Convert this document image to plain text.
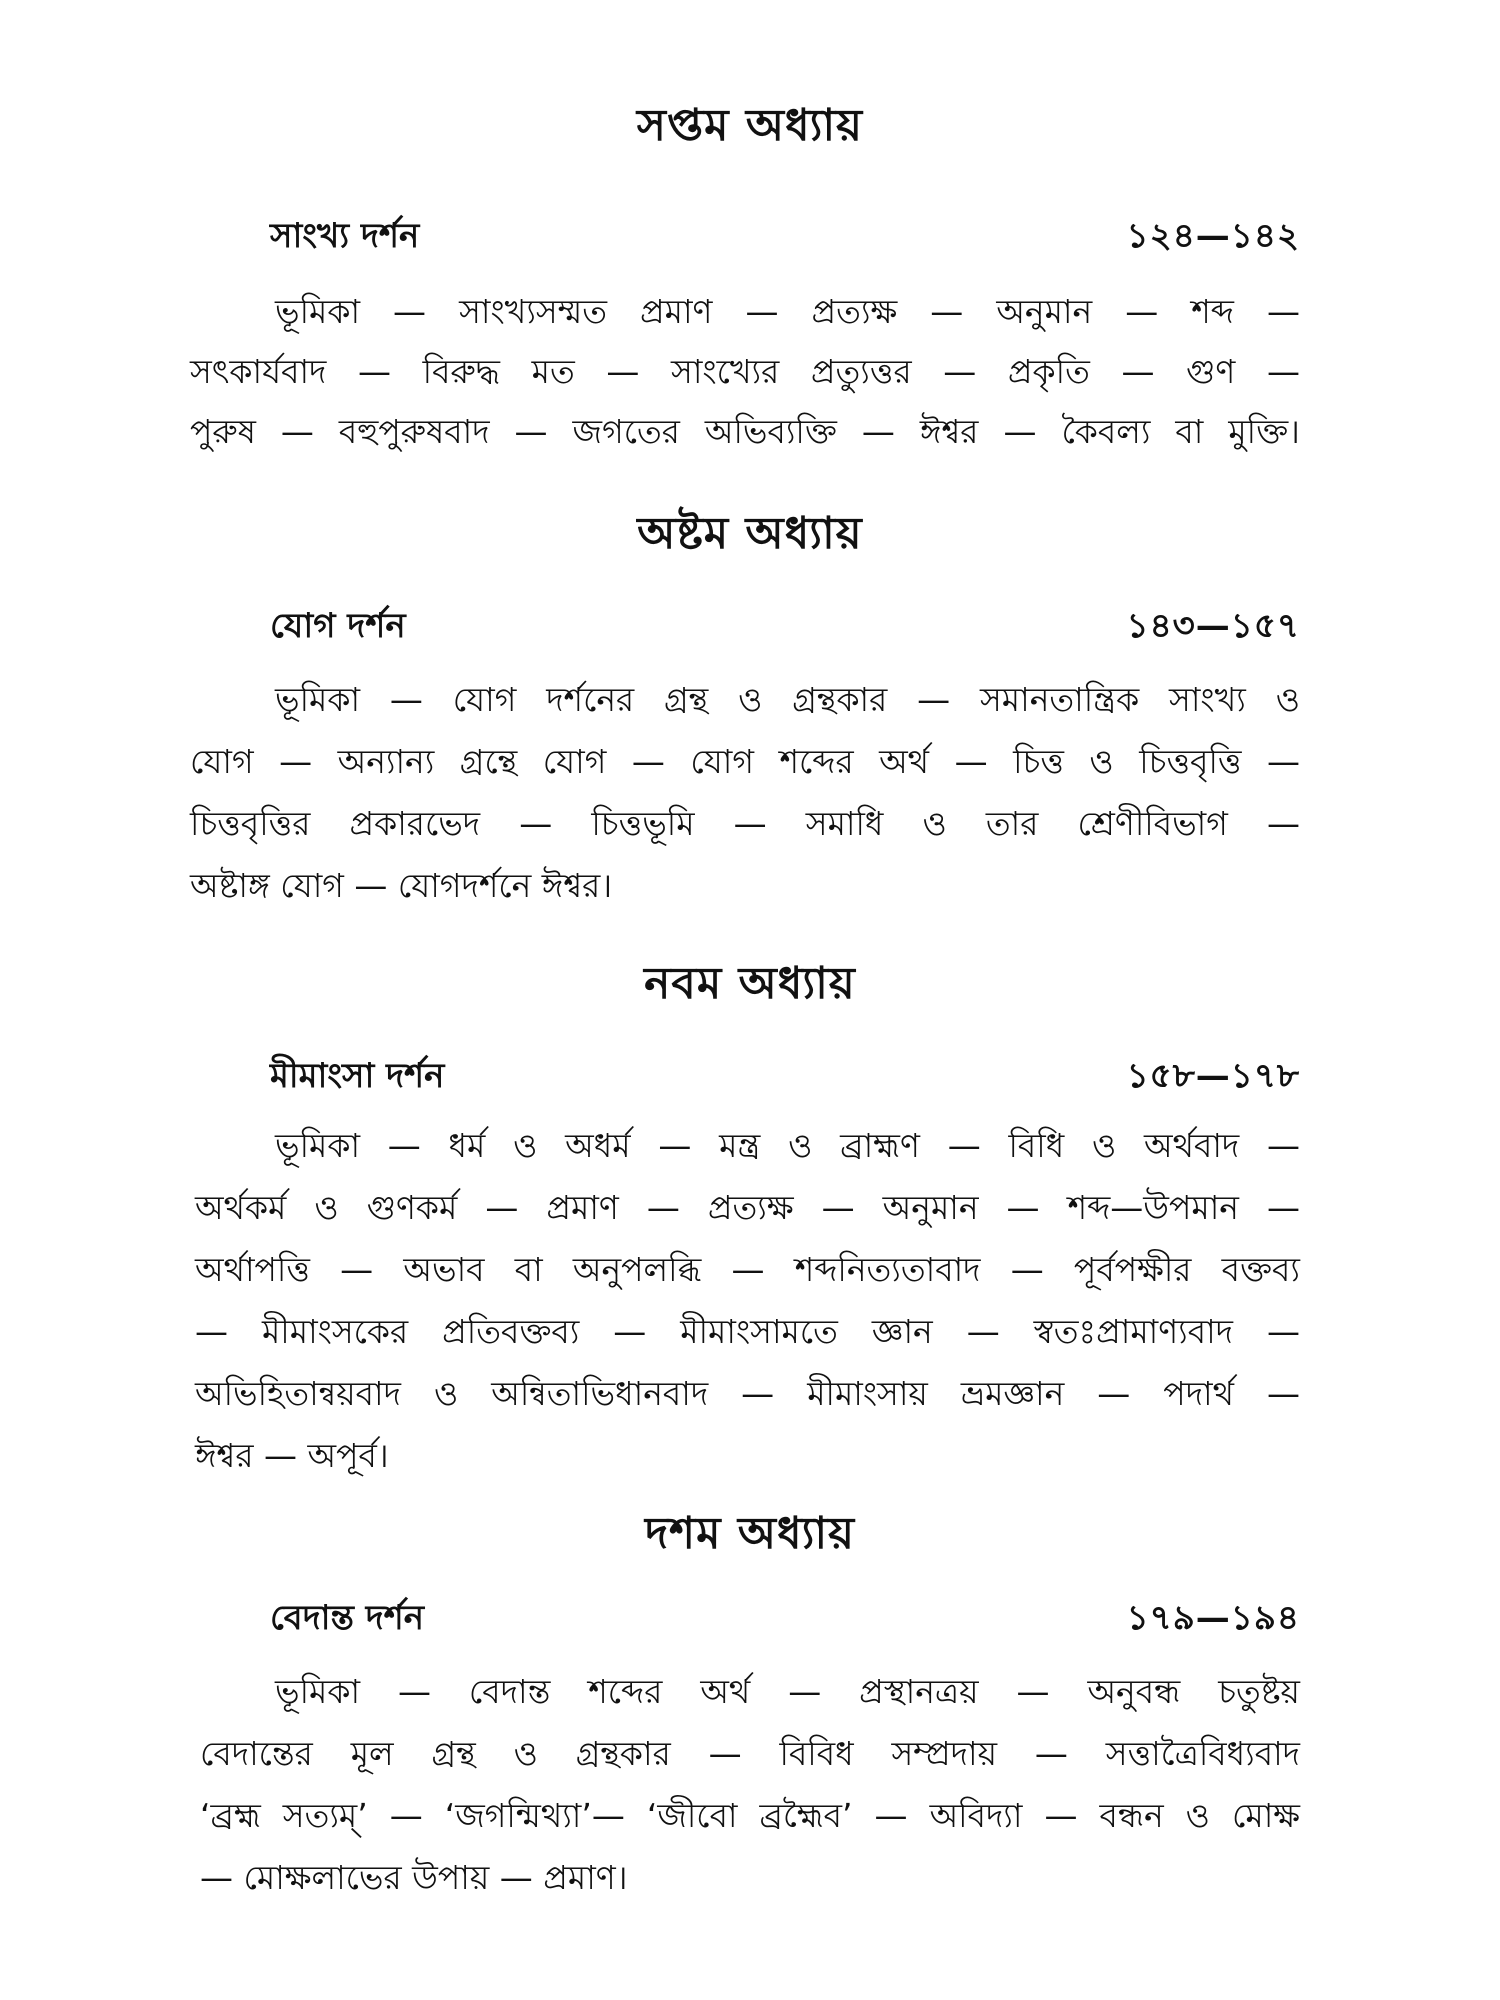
সপ্তম অধ্যায়
সাংখ্য দর্শন	১২৪—১৪২
ভূমিকা — সাংখ্যসম্মত প্রমাণ — প্রত্যক্ষ — অনুমান — শব্দ —
সৎকার্যবাদ — বিরুদ্ধ মত — সাংখ্যের প্রত্যুত্তর — প্রকৃতি — গুণ —
পুরুষ — বহুপুরুষবাদ — জগতের অভিব্যক্তি — ঈশ্বর — কৈবল্য বা মুক্তি।
অষ্টম অধ্যায়
যোগ দর্শন	১৪৩—১৫৭
ভূমিকা — যোগ দর্শনের গ্রন্থ ও গ্রন্থকার — সমানতান্ত্রিক সাংখ্য ও
যোগ — অন্যান্য গ্রন্থে যোগ — যোগ শব্দের অর্থ — চিত্ত ও চিত্তবৃত্তি —
চিত্তবৃত্তির প্রকারভেদ — চিত্তভূমি — সমাধি ও তার শ্রেণীবিভাগ —
অষ্টাঙ্গ যোগ — যোগদর্শনে ঈশ্বর।
নবম অধ্যায়
মীমাংসা দর্শন	১৫৮—১৭৮
ভূমিকা — ধর্ম ও অধর্ম — মন্ত্র ও ব্রাহ্মণ — বিধি ও অর্থবাদ —
অর্থকর্ম ও গুণকর্ম — প্রমাণ — প্রত্যক্ষ — অনুমান — শব্দ—উপমান —
অর্থাপত্তি — অভাব বা অনুপলব্ধি — শব্দনিত্যতাবাদ — পূর্বপক্ষীর বক্তব্য
— মীমাংসকের প্রতিবক্তব্য — মীমাংসামতে জ্ঞান — স্বতঃপ্রামাণ্যবাদ —
অভিহিতান্বয়বাদ ও অন্বিতাভিধানবাদ — মীমাংসায় ভ্রমজ্ঞান — পদার্থ —
ঈশ্বর — অপূর্ব।
দশম অধ্যায়
বেদান্ত দর্শন	১৭৯—১৯৪
ভূমিকা — বেদান্ত শব্দের অর্থ — প্রস্থানত্রয় — অনুবন্ধ চতুষ্টয়
বেদান্তের মূল গ্রন্থ ও গ্রন্থকার — বিবিধ সম্প্রদায় — সত্তাত্রৈবিধ্যবাদ
‘ব্রহ্ম সত্যম্’ — ‘জগন্মিথ্যা’— ‘জীবো ব্রহ্মৈব’ — অবিদ্যা — বন্ধন ও মোক্ষ
— মোক্ষলাভের উপায় — প্রমাণ।
